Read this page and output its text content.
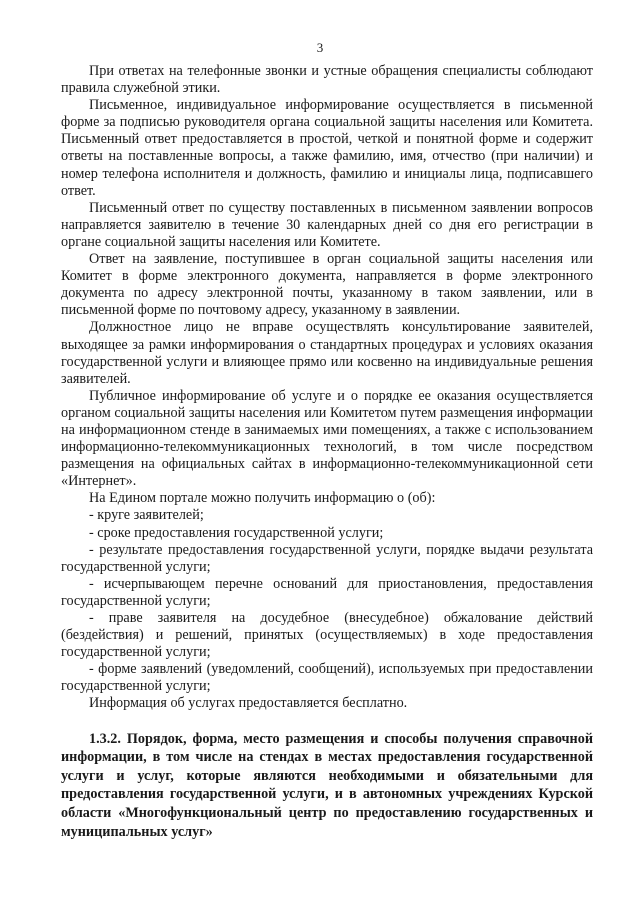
3

При ответах на телефонные звонки и устные обращения специалисты соблюдают правила служебной этики.

Письменное, индивидуальное информирование осуществляется в письменной форме за подписью руководителя органа социальной защиты населения или Комитета. Письменный ответ предоставляется в простой, четкой и понятной форме и содержит ответы на поставленные вопросы, а также фамилию, имя, отчество (при наличии) и номер телефона исполнителя и должность, фамилию и инициалы лица, подписавшего ответ.

Письменный ответ по существу поставленных в письменном заявлении вопросов направляется заявителю в течение 30 календарных дней со дня его регистрации в органе социальной защиты населения или Комитете.

Ответ на заявление, поступившее в орган социальной защиты населения или Комитет в форме электронного документа, направляется в форме электронного документа по адресу электронной почты, указанному в таком заявлении, или в письменной форме по почтовому адресу, указанному в заявлении.

Должностное лицо не вправе осуществлять консультирование заявителей, выходящее за рамки информирования о стандартных процедурах и условиях оказания государственной услуги и влияющее прямо или косвенно на индивидуальные решения заявителей.

Публичное информирование об услуге и о порядке ее оказания осуществляется органом социальной защиты населения или Комитетом путем размещения информации на информационном стенде в занимаемых ими помещениях, а также с использованием информационно-телекоммуникационных технологий, в том числе посредством размещения на официальных сайтах в информационно-телекоммуникационной сети «Интернет».

На Едином портале можно получить информацию о (об):

- круге заявителей;

- сроке предоставления государственной услуги;

- результате предоставления государственной услуги, порядке выдачи результата государственной услуги;

- исчерпывающем перечне оснований для приостановления, предоставления государственной услуги;

- праве заявителя на досудебное (внесудебное) обжалование действий (бездействия) и решений, принятых (осуществляемых) в ходе предоставления государственной услуги;

- форме заявлений (уведомлений, сообщений), используемых при предоставлении государственной услуги;

Информация об услугах предоставляется бесплатно.

1.3.2. Порядок, форма, место размещения и способы получения справочной информации, в том числе на стендах в местах предоставления государственной услуги и услуг, которые являются необходимыми и обязательными для предоставления государственной услуги, и в автономных учреждениях Курской области «Многофункциональный центр по предоставлению государственных и муниципальных услуг»
